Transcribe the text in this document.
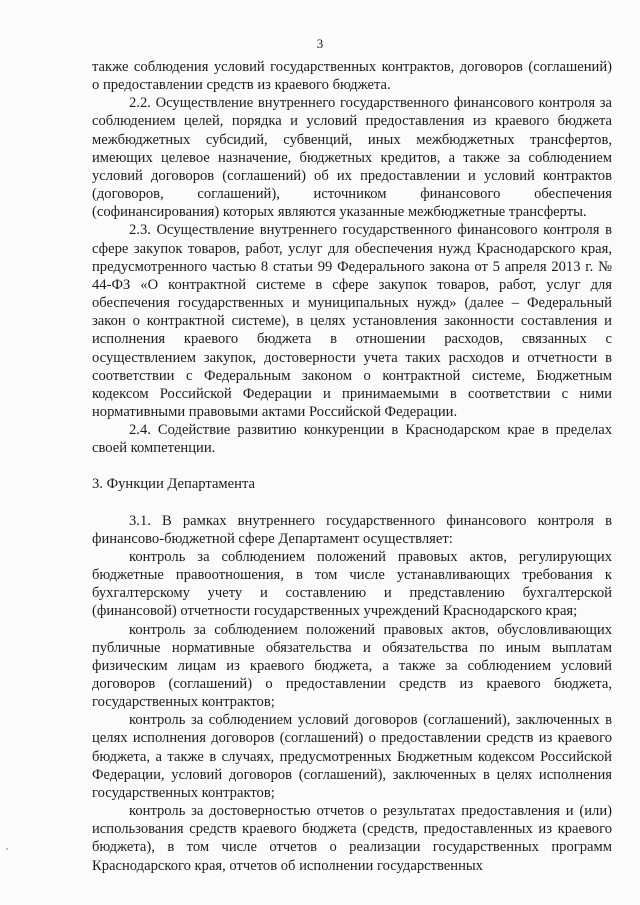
3

также соблюдения условий государственных контрактов, договоров (соглашений) о предоставлении средств из краевого бюджета.

2.2. Осуществление внутреннего государственного финансового контроля за соблюдением целей, порядка и условий предоставления из краевого бюджета межбюджетных субсидий, субвенций, иных межбюджетных трансфертов, имеющих целевое назначение, бюджетных кредитов, а также за соблюдением условий договоров (соглашений) об их предоставлении и условий контрактов (договоров, соглашений), источником финансового обеспечения (софинансирования) которых являются указанные межбюджетные трансферты.

2.3. Осуществление внутреннего государственного финансового контроля в сфере закупок товаров, работ, услуг для обеспечения нужд Краснодарского края, предусмотренного частью 8 статьи 99 Федерального закона от 5 апреля 2013 г. № 44-ФЗ «О контрактной системе в сфере закупок товаров, работ, услуг для обеспечения государственных и муниципальных нужд» (далее – Федеральный закон о контрактной системе), в целях установления законности составления и исполнения краевого бюджета в отношении расходов, связанных с осуществлением закупок, достоверности учета таких расходов и отчетности в соответствии с Федеральным законом о контрактной системе, Бюджетным кодексом Российской Федерации и принимаемыми в соответствии с ними нормативными правовыми актами Российской Федерации.

2.4. Содействие развитию конкуренции в Краснодарском крае в пределах своей компетенции.

3. Функции Департамента

3.1. В рамках внутреннего государственного финансового контроля в финансово-бюджетной сфере Департамент осуществляет:

контроль за соблюдением положений правовых актов, регулирующих бюджетные правоотношения, в том числе устанавливающих требования к бухгалтерскому учету и составлению и представлению бухгалтерской (финансовой) отчетности государственных учреждений Краснодарского края;

контроль за соблюдением положений правовых актов, обусловливающих публичные нормативные обязательства и обязательства по иным выплатам физическим лицам из краевого бюджета, а также за соблюдением условий договоров (соглашений) о предоставлении средств из краевого бюджета, государственных контрактов;

контроль за соблюдением условий договоров (соглашений), заключенных в целях исполнения договоров (соглашений) о предоставлении средств из краевого бюджета, а также в случаях, предусмотренных Бюджетным кодексом Российской Федерации, условий договоров (соглашений), заключенных в целях исполнения государственных контрактов;

контроль за достоверностью отчетов о результатах предоставления и (или) использования средств краевого бюджета (средств, предоставленных из краевого бюджета), в том числе отчетов о реализации государственных программ Краснодарского края, отчетов об исполнении государственных
